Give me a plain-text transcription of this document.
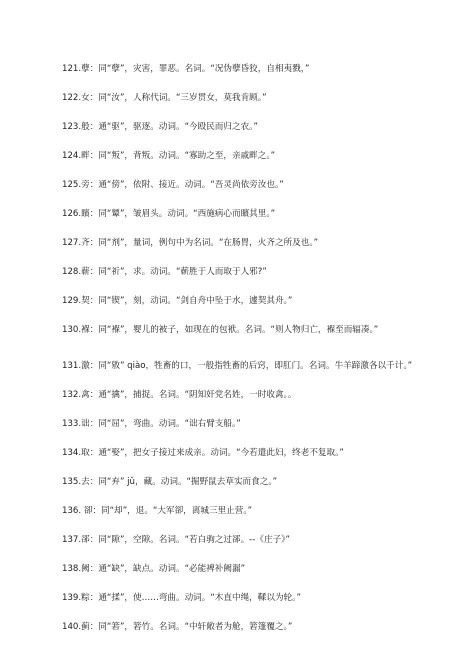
121.孽：同“孽”，灾害，罪恶。名词。“况伪孽昏狡，自相夷戮，”
122.女：同“汝”，人称代词。“三岁贯女，莫我肯顾。”
123.般：通“驱”，驱逐。动词。“今殴民而归之农。”
124.畔：同“叛”，背叛。动词。“寡助之至，亲戚畔之。”
125.旁：通“傍”，依附、接近。动词。“吾灵尚依旁汝也。”
126.矉：同“颦”，皱眉头。动词。“西施病心而矉其里。”
127.齐：同“剂”，量词，例句中为名词。“在肠胃，火齐之所及也。”
128.蕲：同“祈”，求。动词。“蕲胜于人而取于人邪?”
129.契：同“锲”，刻，动词。“剑自舟中坠于水，遽契其舟。”
130.褓：同“褓”，婴儿的被子，如现在的包袱。名词。“则人物归亡，褓至而辐凑。”
131.激：同“敫” qiào，牲畜的口，一般指牲畜的后窍，即肛门。名词。牛羊蹄激各以千计。”
132.禽：通“擒”，捕捉。名词。“阴知奸党名姓，一时收禽。。
133.诎：同“屈”，弯曲。动词。“诎右臂支船。”
134.取：通“娶”，把女子接过来成亲。动词。“今若遣此妇，终老不复取。”
135.去：同“弃” jǔ，藏。动词。“掘野鼠去草实而食之。”
136. 卻：同“却”，退。“大军卻，离城三里止营。”
137.郤：同“隙”，空隙。名词。“若白驹之过郤。--《庄子》”
138.阙：通“缺”，缺点。动词。“必能裨补阙漏”
139.粽：通“揉”，使……弯曲。动词。“木直中绳，鞣以为轮。”
140.蓟：同“箬”，箬竹。名词。“中轩敞者为舱，箬篷覆之。”
